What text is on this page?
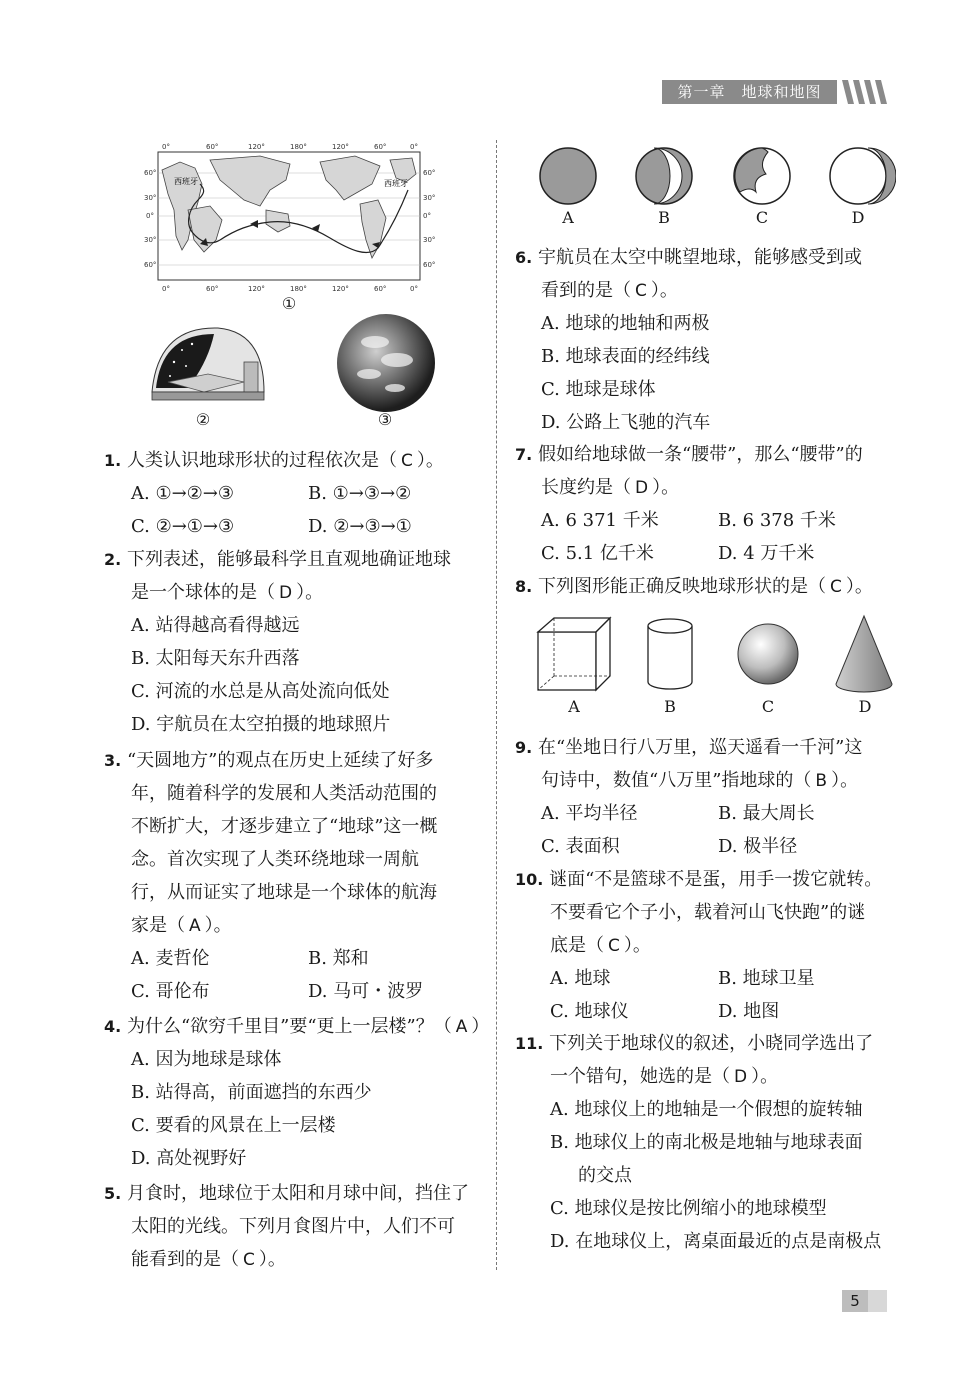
第一章　地球和地图
西班牙	西班牙
0°	60°	120°	180°	120°	60°	0°
0°	60°	120°	180°	120°	60°	0°
60°
30°
0°
30°
60°
60°
30°
0°
30°
60°
①
②	③
1. 人类认识地球形状的过程依次是（ C ）。
A. ①→②→③	B. ①→③→②
C. ②→①→③	D. ②→③→①
2. 下列表述，能够最科学且直观地确证地球
是一个球体的是（ D ）。
A. 站得越高看得越远
B. 太阳每天东升西落
C. 河流的水总是从高处流向低处
D. 宇航员在太空拍摄的地球照片
3. “天圆地方”的观点在历史上延续了好多
年，随着科学的发展和人类活动范围的
不断扩大，才逐步建立了“地球”这一概
念。首次实现了人类环绕地球一周航
行，从而证实了地球是一个球体的航海
家是（ A ）。
A. 麦哲伦	B. 郑和
C. 哥伦布	D. 马可・波罗
4. 为什么“欲穷千里目”要“更上一层楼”？（ A ）
A. 因为地球是球体
B. 站得高，前面遮挡的东西少
C. 要看的风景在上一层楼
D. 高处视野好
5. 月食时，地球位于太阳和月球中间，挡住了
太阳的光线。下列月食图片中，人们不可
能看到的是（ C ）。
A	B	C	D
6. 宇航员在太空中眺望地球，能够感受到或
看到的是（ C ）。
A. 地球的地轴和两极
B. 地球表面的经纬线
C. 地球是球体
D. 公路上飞驰的汽车
7. 假如给地球做一条“腰带”，那么“腰带”的
长度约是（ D ）。
A. 6 371 千米	B. 6 378 千米
C. 5.1 亿千米	D. 4 万千米
8. 下列图形能正确反映地球形状的是（ C ）。
A	B	C	D
9. 在“坐地日行八万里，巡天遥看一千河”这
句诗中，数值“八万里”指地球的（ B ）。
A. 平均半径	B. 最大周长
C. 表面积	D. 极半径
10. 谜面“不是篮球不是蛋，用手一拨它就转。
不要看它个子小，载着河山飞快跑”的谜
底是（ C ）。
A. 地球	B. 地球卫星
C. 地球仪	D. 地图
11. 下列关于地球仪的叙述，小晓同学选出了
一个错句，她选的是（ D ）。
A. 地球仪上的地轴是一个假想的旋转轴
B. 地球仪上的南北极是地轴与地球表面
的交点
C. 地球仪是按比例缩小的地球模型
D. 在地球仪上，离桌面最近的点是南极点
5
